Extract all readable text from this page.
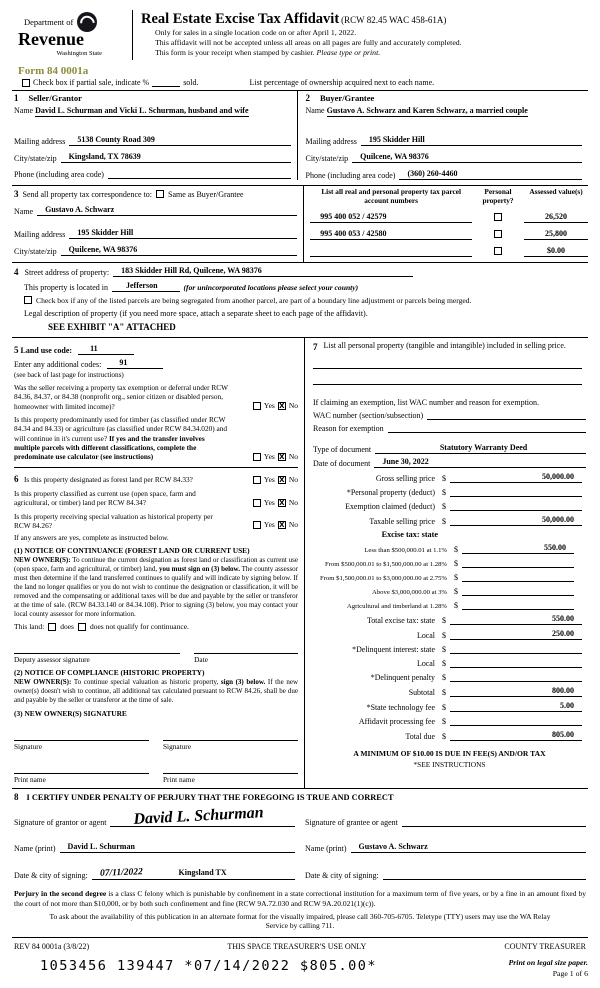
Department of
Revenue
Washington State
Real Estate Excise Tax Affidavit (RCW 82.45 WAC 458-61A)
Only for sales in a single location code on or after April 1, 2022.
This affidavit will not be accepted unless all areas on all pages are fully and accurately completed.
This form is your receipt when stamped by cashier. Please type or print.
Form 84 0001a
Check box if partial sale, indicate %	sold.	List percentage of ownership acquired next to each name.
1 Seller/Grantor
Name David L. Schurman and Vicki L. Schurman, husband and wife
Mailing address	5138 County Road 309
City/state/zip	Kingsland, TX 78639
Phone (including area code)
2 Buyer/Grantee
Name Gustavo A. Schwarz and Karen Schwarz, a married couple
Mailing address	195 Skidder Hill
City/state/zip	Quilcene, WA 98376
Phone (including area code)	(360) 260-4460
3 Send all property tax correspondence to: Same as Buyer/Grantee
Name	Gustavo A. Schwarz
Mailing address	195 Skidder Hill
City/state/zip	Quilcene, WA 98376
List all real and personal property tax parcel account numbers
Personal property?
Assessed value(s)
995 400 052 / 42579	26,520
995 400 053 / 42580	25,800
$0.00
4 Street address of property:	183 Skidder Hill Rd, Quilcene, WA 98376
This property is located in	Jefferson	(for unincorporated locations please select your county)
Check box if any of the listed parcels are being segregated from another parcel, are part of a boundary line adjustment or parcels being merged.
Legal description of property (if you need more space, attach a separate sheet to each page of the affidavit).
SEE EXHIBIT "A" ATTACHED
5
Land use code:	11
Enter any additional codes:	91
(see back of last page for instructions)
Was the seller receiving a property tax exemption or deferral under RCW 84.36, 84.37, or 84.38 (nonprofit org., senior citizen or disabled person, homeowner with limited income)?	Yes X No
Is this property predominantly used for timber (as classified under RCW 84.34 and 84.33) or agriculture (as classified under RCW 84.34.020) and will continue in it's current use? If yes and the transfer involves multiple parcels with different classifications, complete the predominate use calculator (see instructions)	Yes X No
6 Is this property designated as forest land per RCW 84.33?	Yes X No
Is this property classified as current use (open space, farm and agricultural, or timber) land per RCW 84.34?	Yes X No
Is this property receiving special valuation as historical property per RCW 84.26?	Yes X No
If any answers are yes, complete as instructed below.
(1) NOTICE OF CONTINUANCE (FOREST LAND OR CURRENT USE)
NEW OWNER(S): To continue the current designation as forest land or classification as current use (open space, farm and agricultural, or timber) land, you must sign on (3) below. The county assessor must then determine if the land transferred continues to qualify and will indicate by signing below. If the land no longer qualifies or you do not wish to continue the designation or classification, it will be removed and the compensating or additional taxes will be due and payable by the seller or transferor at the time of sale. (RCW 84.33.140 or 84.34.108). Prior to signing (3) below, you may contact your local county assessor for more information.
This land: does does not qualify for continuance.
Deputy assessor signature	Date
(2) NOTICE OF COMPLIANCE (HISTORIC PROPERTY)
NEW OWNER(S): To continue special valuation as historic property, sign (3) below. If the new owner(s) doesn't wish to continue, all additional tax calculated pursuant to RCW 84.26, shall be due and payable by the seller or transferor at the time of sale.
(3) NEW OWNER(S) SIGNATURE
Signature	Signature
Print name	Print name
7 List all personal property (tangible and intangible) included in selling price.
If claiming an exemption, list WAC number and reason for exemption.
WAC number (section/subsection)
Reason for exemption
Type of document	Statutory Warranty Deed
Date of document	June 30, 2022
Gross selling price $	50,000.00
*Personal property (deduct) $
Exemption claimed (deduct) $
Taxable selling price $	50,000.00
Excise tax: state
Less than $500,000.01 at 1.1% $	550.00
From $500,000.01 to $1,500,000.00 at 1.28% $
From $1,500,000.01 to $3,000,000.00 at 2.75% $
Above $3,000,000.00 at 3% $
Agricultural and timberland at 1.28% $
Total excise tax: state $	550.00
Local $	250.00
*Delinquent interest: state $
Local $
*Delinquent penalty $
Subtotal $	800.00
*State technology fee $	5.00
Affidavit processing fee $
Total due $	805.00
A MINIMUM OF $10.00 IS DUE IN FEE(S) AND/OR TAX
*SEE INSTRUCTIONS
8 I CERTIFY UNDER PENALTY OF PERJURY THAT THE FOREGOING IS TRUE AND CORRECT
Signature of grantor or agent David L. Schurman	Signature of grantee or agent
Name (print)	David L. Schurman	Name (print)	Gustavo A. Schwarz
Date & city of signing:	07/11/2022	Kingsland TX	Date & city of signing:
Perjury in the second degree is a class C felony which is punishable by confinement in a state correctional institution for a maximum term of five years, or by a fine in an amount fixed by the court of not more than $10,000, or by both such confinement and fine (RCW 9A.72.030 and RCW 9A.20.021(1)(c)).
To ask about the availability of this publication in an alternate format for the visually impaired, please call 360-705-6705. Teletype (TTY) users may use the WA Relay Service by calling 711.
REV 84 0001a (3/8/22)	THIS SPACE TREASURER'S USE ONLY	COUNTY TREASURER
1053456 139447 *07/14/2022 $805.00*	Print on legal size paper.
Page 1 of 6
